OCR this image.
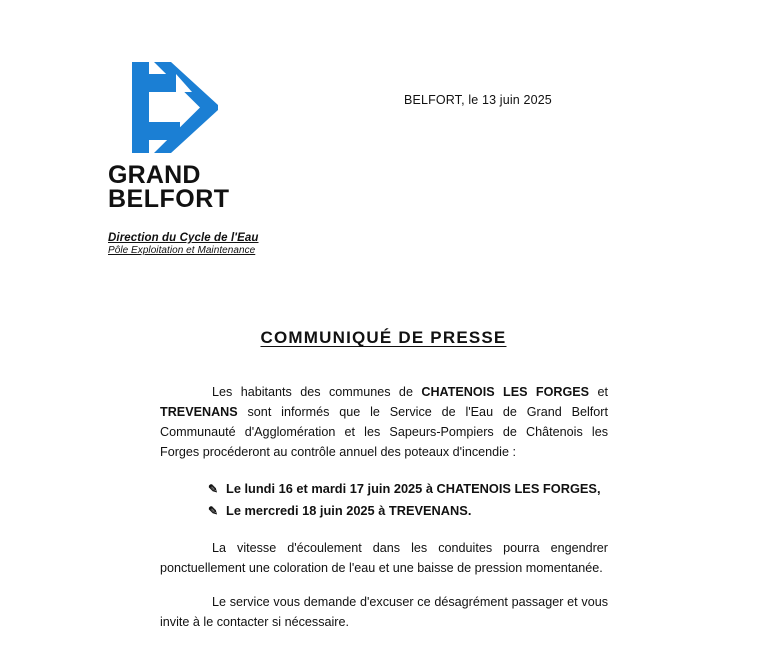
GRAND
BELFORT
Direction du Cycle de l'Eau
Pôle Exploitation et Maintenance
BELFORT, le 13 juin 2025
COMMUNIQUÉ DE PRESSE

Les habitants des communes de CHATENOIS LES FORGES et TREVENANS sont informés que le Service de l'Eau de Grand Belfort Communauté d'Agglomération et les Sapeurs-Pompiers de Châtenois les Forges procéderont au contrôle annuel des poteaux d'incendie :

✎ Le lundi 16 et mardi 17 juin 2025 à CHATENOIS LES FORGES,
✎ Le mercredi 18 juin 2025 à TREVENANS.

La vitesse d'écoulement dans les conduites pourra engendrer ponctuellement une coloration de l'eau et une baisse de pression momentanée.

Le service vous demande d'excuser ce désagrément passager et vous invite à le contacter si nécessaire.
